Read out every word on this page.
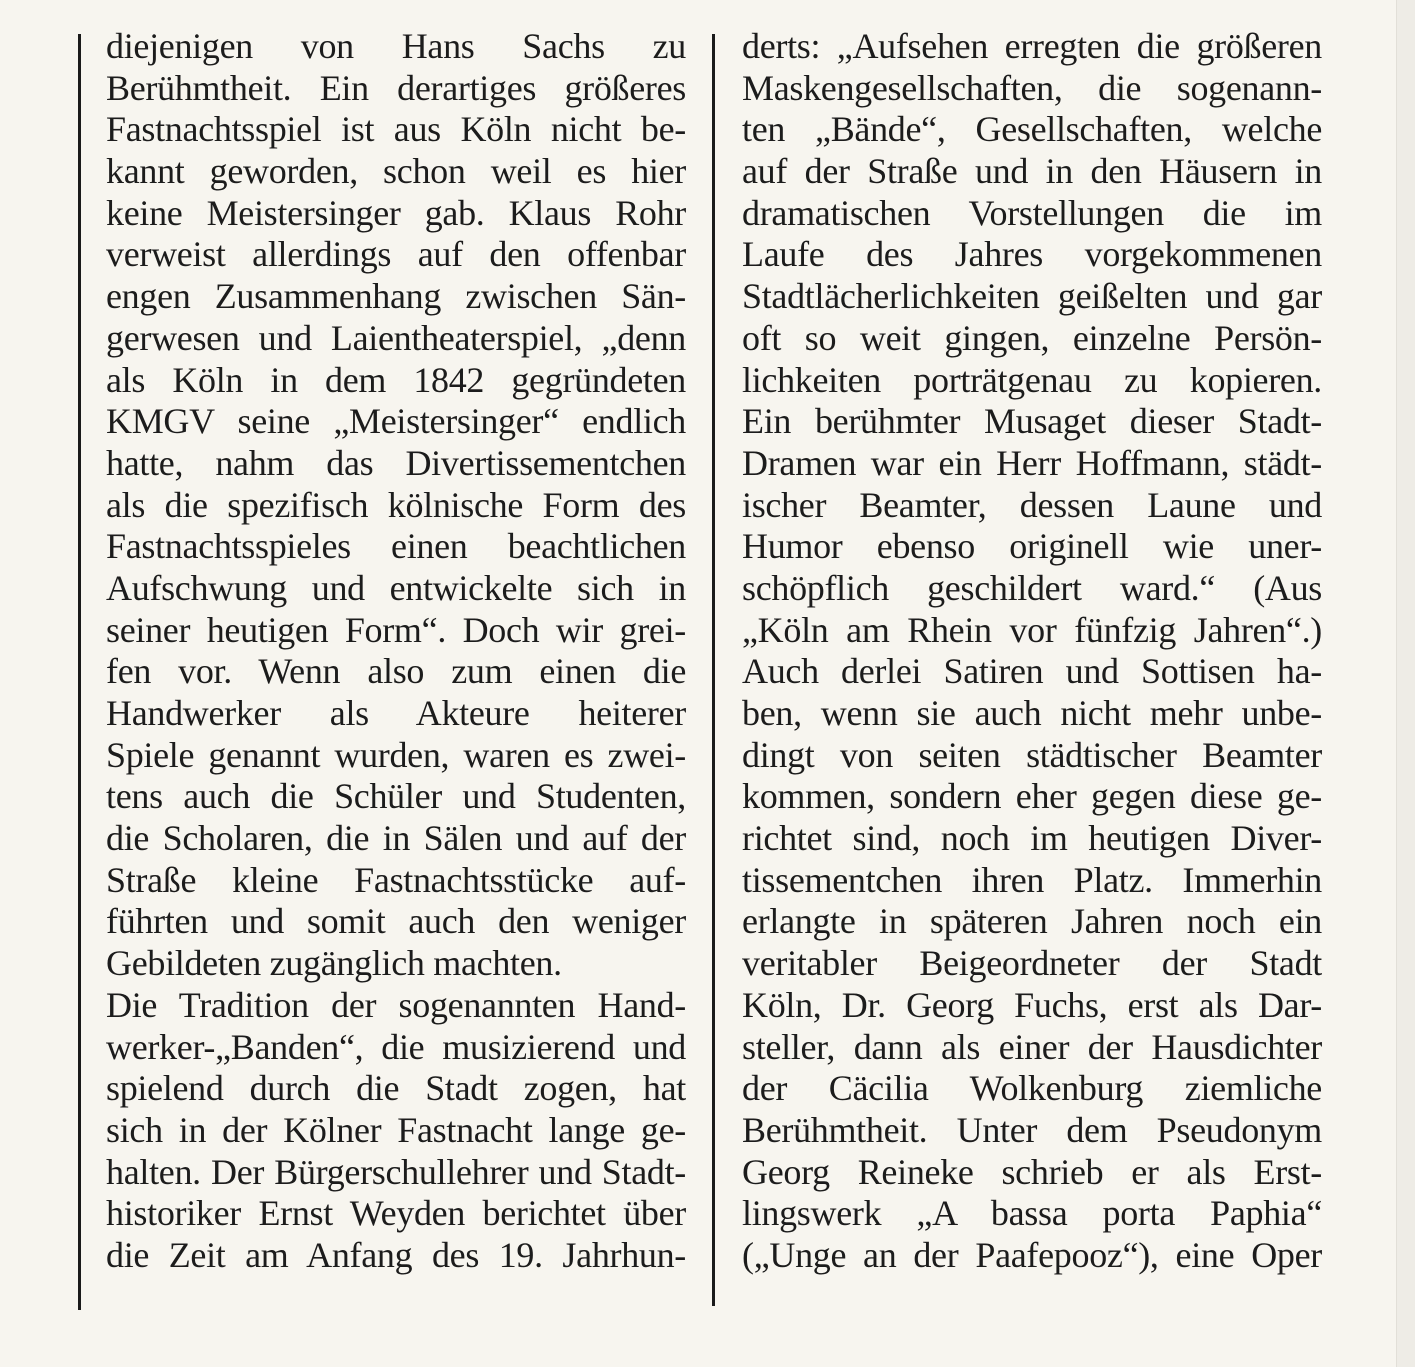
diejenigen von Hans Sachs zu
Berühmtheit. Ein derartiges größeres
Fastnachtsspiel ist aus Köln nicht be-
kannt geworden, schon weil es hier
keine Meistersinger gab. Klaus Rohr
verweist allerdings auf den offenbar
engen Zusammenhang zwischen Sän-
gerwesen und Laientheaterspiel, „denn
als Köln in dem 1842 gegründeten
KMGV seine „Meistersinger“ endlich
hatte, nahm das Divertissementchen
als die spezifisch kölnische Form des
Fastnachtsspieles einen beachtlichen
Aufschwung und entwickelte sich in
seiner heutigen Form“. Doch wir grei-
fen vor. Wenn also zum einen die
Handwerker als Akteure heiterer
Spiele genannt wurden, waren es zwei-
tens auch die Schüler und Studenten,
die Scholaren, die in Sälen und auf der
Straße kleine Fastnachtsstücke auf-
führten und somit auch den weniger
Gebildeten zugänglich machten.
Die Tradition der sogenannten Hand-
werker-„Banden“, die musizierend und
spielend durch die Stadt zogen, hat
sich in der Kölner Fastnacht lange ge-
halten. Der Bürgerschullehrer und Stadt-
historiker Ernst Weyden berichtet über
die Zeit am Anfang des 19. Jahrhun-
derts: „Aufsehen erregten die größeren
Maskengesellschaften, die sogenann-
ten „Bände“, Gesellschaften, welche
auf der Straße und in den Häusern in
dramatischen Vorstellungen die im
Laufe des Jahres vorgekommenen
Stadtlächerlichkeiten geißelten und gar
oft so weit gingen, einzelne Persön-
lichkeiten porträtgenau zu kopieren.
Ein berühmter Musaget dieser Stadt-
Dramen war ein Herr Hoffmann, städt-
ischer Beamter, dessen Laune und
Humor ebenso originell wie uner-
schöpflich geschildert ward.“ (Aus
„Köln am Rhein vor fünfzig Jahren“.)
Auch derlei Satiren und Sottisen ha-
ben, wenn sie auch nicht mehr unbe-
dingt von seiten städtischer Beamter
kommen, sondern eher gegen diese ge-
richtet sind, noch im heutigen Diver-
tissementchen ihren Platz. Immerhin
erlangte in späteren Jahren noch ein
veritabler Beigeordneter der Stadt
Köln, Dr. Georg Fuchs, erst als Dar-
steller, dann als einer der Hausdichter
der Cäcilia Wolkenburg ziemliche
Berühmtheit. Unter dem Pseudonym
Georg Reineke schrieb er als Erst-
lingswerk „A bassa porta Paphia“
(„Unge an der Paafepooz“), eine Oper
